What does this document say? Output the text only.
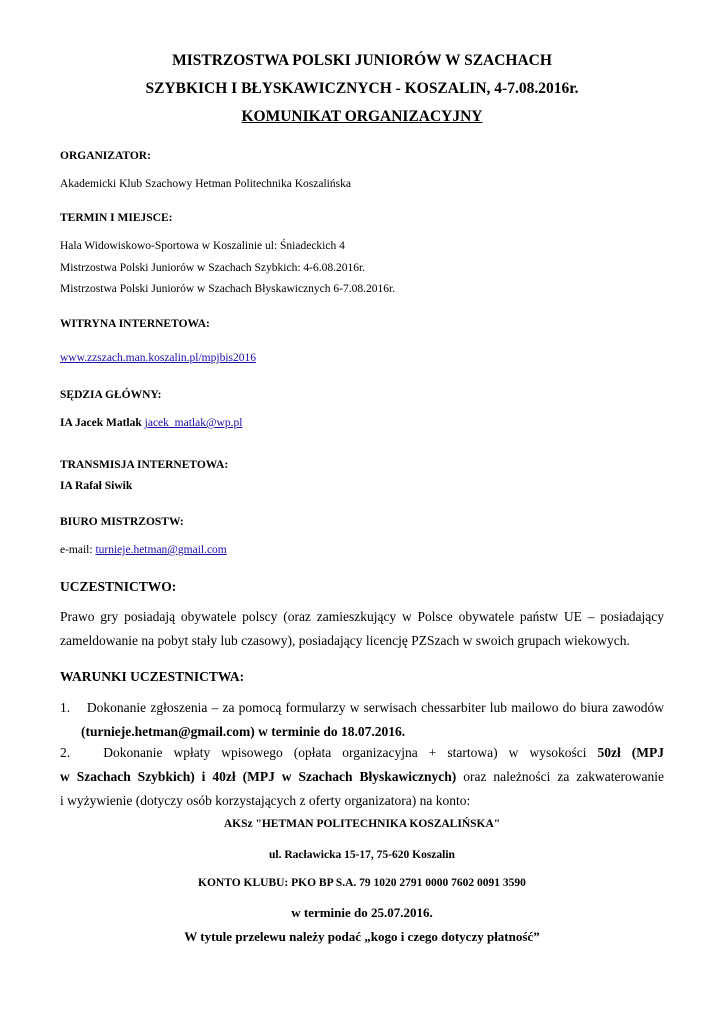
MISTRZOSTWA POLSKI JUNIORÓW W SZACHACH
SZYBKICH I BŁYSKAWICZNYCH - KOSZALIN, 4-7.08.2016r.
KOMUNIKAT ORGANIZACYJNY
ORGANIZATOR:
Akademicki Klub Szachowy Hetman Politechnika Koszalińska
TERMIN I MIEJSCE:
Hala Widowiskowo-Sportowa w Koszalinie ul: Śniadeckich 4
Mistrzostwa Polski Juniorów w Szachach Szybkich: 4-6.08.2016r.
Mistrzostwa Polski Juniorów w Szachach Błyskawicznych 6-7.08.2016r.
WITRYNA INTERNETOWA:
www.zzszach.man.koszalin.pl/mpjbis2016
SĘDZIA GŁÓWNY:
IA Jacek Matlak jacek_matlak@wp.pl
TRANSMISJA INTERNETOWA:
IA Rafał Siwik
BIURO MISTRZOSTW:
e-mail: turnieje.hetman@gmail.com
UCZESTNICTWO:
Prawo gry posiadają obywatele polscy (oraz zamieszkujący w Polsce obywatele państw UE – posiadający
zameldowanie na pobyt stały lub czasowy), posiadający licencję PZSzach w swoich grupach wiekowych.
WARUNKI UCZESTNICTWA:
1. Dokonanie zgłoszenia – za pomocą formularzy w serwisach chessarbiter lub mailowo do biura zawodów
(turnieje.hetman@gmail.com) w terminie do 18.07.2016.
2. Dokonanie wpłaty wpisowego (opłata organizacyjna + startowa) w wysokości 50zł (MPJ
w Szachach Szybkich) i 40zł (MPJ w Szachach Błyskawicznych) oraz należności za zakwaterowanie
i wyżywienie (dotyczy osób korzystających z oferty organizatora) na konto:
AKSz "HETMAN POLITECHNIKA KOSZALIŃSKA"
ul. Racławicka 15-17, 75-620 Koszalin
KONTO KLUBU: PKO BP S.A. 79 1020 2791 0000 7602 0091 3590
w terminie do 25.07.2016.
W tytule przelewu należy podać „kogo i czego dotyczy płatność”
